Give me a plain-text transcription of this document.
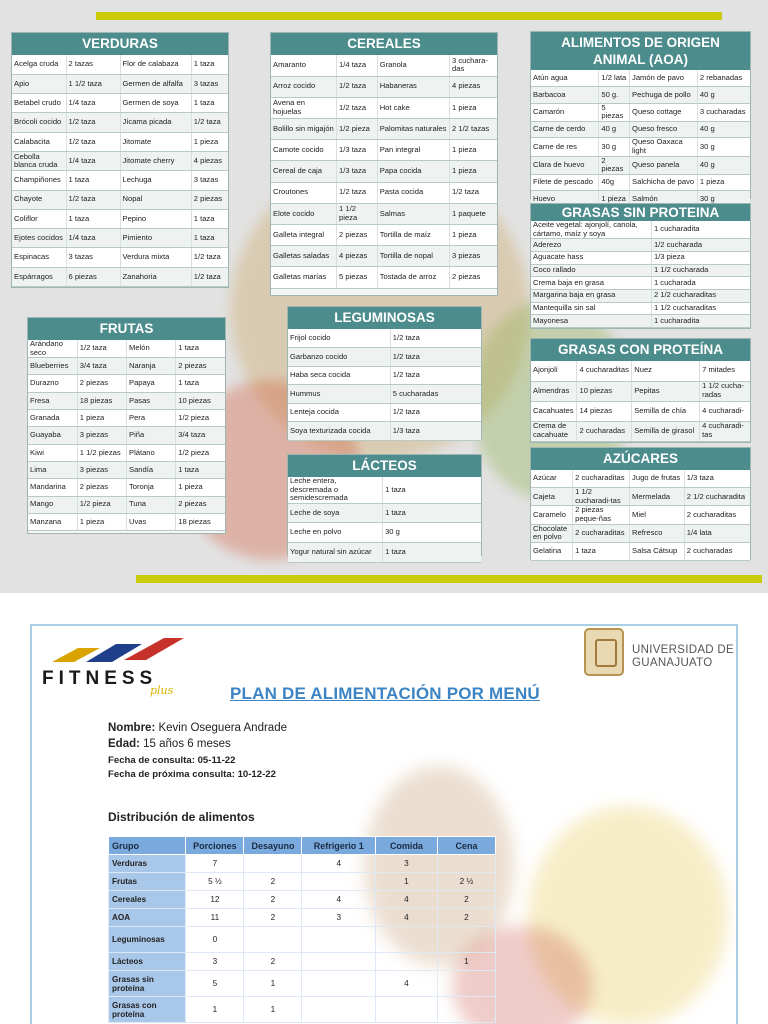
VERDURAS
Acelga cruda	2 tazas	Flor de calabaza	1 taza
Apio	1 1/2 taza	Germen de alfalfa	3 tazas
Betabel crudo	1/4 taza	Germen de soya	1 taza
Brócoli cocido	1/2 taza	Jícama picada	1/2 taza
Calabacita	1/2 taza	Jitomate	1 pieza
Cebolla blanca cruda	1/4 taza	Jitomate cherry	4 piezas
Champiñones	1 taza	Lechuga	3 tazas
Chayote	1/2 taza	Nopal	2 piezas
Coliflor	1 taza	Pepino	1 taza
Ejotes cocidos	1/4 taza	Pimiento	1 taza
Espinacas	3 tazas	Verdura mixta	1/2 taza
Espárragos	6 piezas	Zanahoria	1/2 taza
CEREALES
Amaranto	1/4 taza	Granola	3 cuchara-das
Arroz cocido	1/2 taza	Habaneras	4 piezas
Avena en hojuelas	1/2 taza	Hot cake	1 pieza
Bolillo sin migajón	1/2 pieza	Palomitas naturales	2 1/2 tazas
Camote cocido	1/3 taza	Pan integral	1 pieza
Cereal de caja	1/3 taza	Papa cocida	1 pieza
Croutones	1/2 taza	Pasta cocida	1/2 taza
Elote cocido	1 1/2 pieza	Salmas	1 paquete
Galleta integral	2 piezas	Tortilla de maíz	1 pieza
Galletas saladas	4 piezas	Tortilla de nopal	3 piezas
Galletas marías	5 piezas	Tostada de arroz	2 piezas
ALIMENTOS DE ORIGEN ANIMAL (AOA)
Atún agua	1/2 lata	Jamón de pavo	2 rebanadas
Barbacoa	50 g.	Pechuga de pollo	40 g
Camarón	5 piezas	Queso cottage	3 cucharadas
Carne de cerdo	40 g	Queso fresco	40 g
Carne de res	30 g	Queso Oaxaca light	30 g
Clara de huevo	2 piezas	Queso panela	40 g
Filete de pescado	40g	Salchicha de pavo	1 pieza
Huevo	1 pieza	Salmón	30 g
GRASAS SIN PROTEINA
Aceite vegetal: ajonjolí, canola, cártamo, maíz y soya	1 cucharadita
Aderezo	1/2 cucharada
Aguacate hass	1/3 pieza
Coco rallado	1 1/2 cucharada
Crema baja en grasa	1 cucharada
Margarina baja en grasa	2 1/2 cucharaditas
Mantequilla sin sal	1 1/2 cucharaditas
Mayonesa	1 cucharadita
FRUTAS
Arándano seco	1/2 taza	Melón	1 taza
Blueberries	3/4 taza	Naranja	2 piezas
Durazno	2 piezas	Papaya	1 taza
Fresa	18 piezas	Pasas	10 piezas
Granada	1 pieza	Pera	1/2 pieza
Guayaba	3 piezas	Piña	3/4 taza
Kiwi	1 1/2 piezas	Plátano	1/2 pieza
Lima	3 piezas	Sandía	1 taza
Mandarina	2 piezas	Toronja	1 pieza
Mango	1/2 pieza	Tuna	2 piezas
Manzana	1 pieza	Uvas	18 piezas
LEGUMINOSAS
Frijol cocido	1/2 taza
Garbanzo cocido	1/2 taza
Haba seca cocida	1/2 taza
Hummus	5 cucharadas
Lenteja cocida	1/2 taza
Soya texturizada cocida	1/3 taza
LÁCTEOS
Leche entera, descremada o semidescremada	1 taza
Leche de soya	1 taza
Leche en polvo	30 g
Yogur natural sin azúcar	1 taza
GRASAS CON PROTEÍNA
Ajonjolí	4 cucharaditas	Nuez	7 mitades
Almendras	10 piezas	Pepitas	1 1/2 cucha-radas
Cacahuates	14 piezas	Semilla de chía	4 cucharadi-
Crema de cacahuate	2 cucharadas	Semilla de girasol	4 cucharadi-tas
AZÚCARES
Azúcar	2 cucharaditas	Jugo de frutas	1/3 taza
Cajeta	1 1/2 cucharadi-tas	Mermelada	2 1/2 cucharadita
Caramelo	2 piezas peque-ñas	Miel	2 cucharaditas
Chocolate en polvo	2 cucharaditas	Refresco	1/4 lata
Gelatina	1 taza	Salsa Cátsup	2 cucharadas
FITNESS
plus
UNIVERSIDAD DE
GUANAJUATO
PLAN DE ALIMENTACIÓN POR MENÚ
Nombre: Kevin Oseguera Andrade
Edad: 15 años 6 meses
Fecha de consulta: 05-11-22
Fecha de próxima consulta: 10-12-22
Distribución de alimentos
Grupo	Porciones	Desayuno	Refrigerio 1	Comida	Cena
Verduras	7		4	3	
Frutas	5 ½	2		1	2 ½
Cereales	12	2	4	4	2
AOA	11	2	3	4	2
Leguminosas	0				
Lácteos	3	2			1
Grasas sin proteína	5	1		4	
Grasas con proteína	1	1			
